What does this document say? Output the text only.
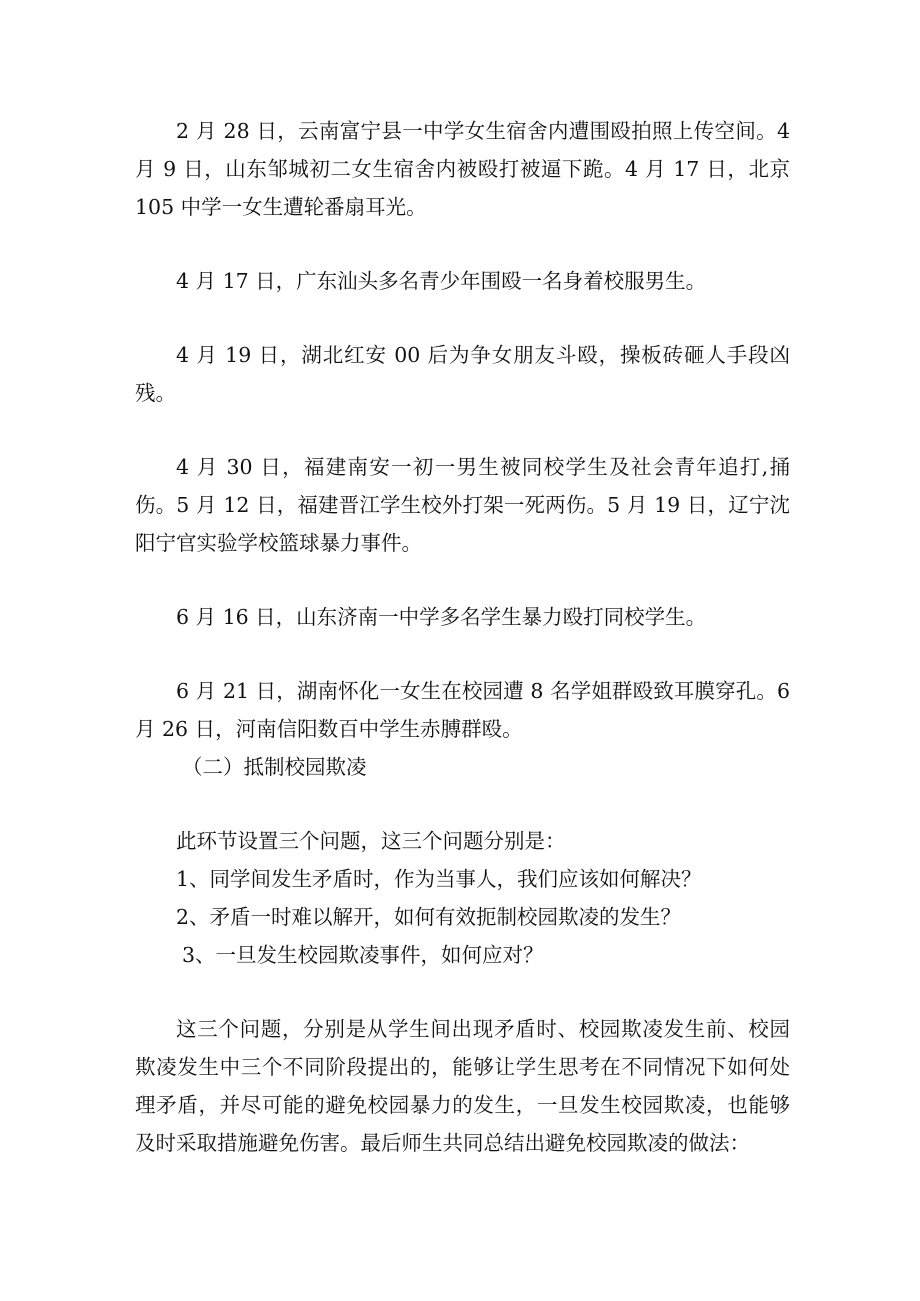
2 月 28 日，云南富宁县一中学女生宿舍内遭围殴拍照上传空间。4 月 9 日，山东邹城初二女生宿舍内被殴打被逼下跪。4 月 17 日，北京 105 中学一女生遭轮番扇耳光。

4 月 17 日，广东汕头多名青少年围殴一名身着校服男生。

4 月 19 日，湖北红安 00 后为争女朋友斗殴，操板砖砸人手段凶残。

4 月 30 日，福建南安一初一男生被同校学生及社会青年追打,捅伤。5 月 12 日，福建晋江学生校外打架一死两伤。5 月 19 日，辽宁沈阳宁官实验学校篮球暴力事件。

6 月 16 日，山东济南一中学多名学生暴力殴打同校学生。

6 月 21 日，湖南怀化一女生在校园遭 8 名学姐群殴致耳膜穿孔。6 月 26 日，河南信阳数百中学生赤膊群殴。

（二）抵制校园欺凌

此环节设置三个问题，这三个问题分别是：

1、同学间发生矛盾时，作为当事人，我们应该如何解决？

2、矛盾一时难以解开，如何有效扼制校园欺凌的发生？

3、一旦发生校园欺凌事件，如何应对？

这三个问题，分别是从学生间出现矛盾时、校园欺凌发生前、校园欺凌发生中三个不同阶段提出的，能够让学生思考在不同情况下如何处理矛盾，并尽可能的避免校园暴力的发生，一旦发生校园欺凌，也能够及时采取措施避免伤害。最后师生共同总结出避免校园欺凌的做法：
